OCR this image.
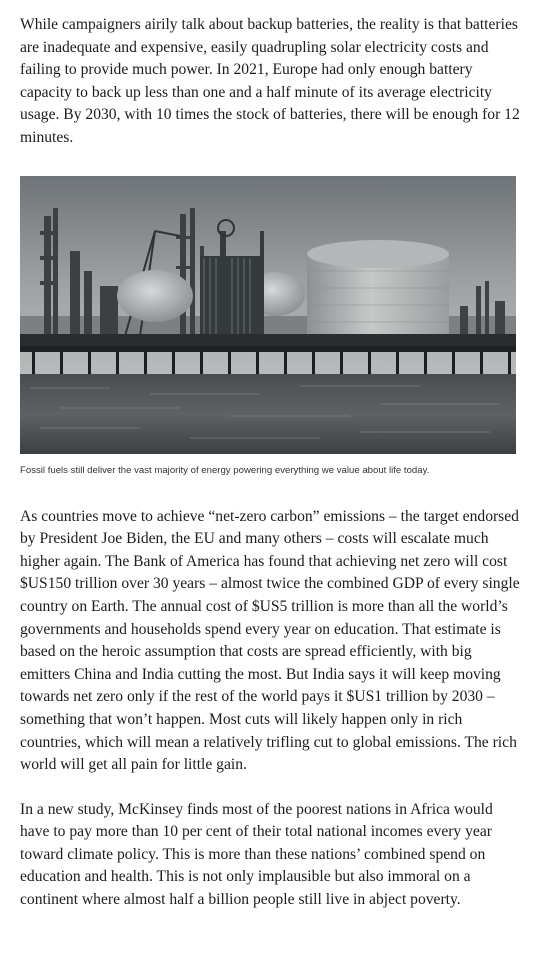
While campaigners airily talk about backup batteries, the reality is that batteries are inadequate and expensive, easily quadrupling solar electricity costs and failing to provide much power. In 2021, Europe had only enough battery capacity to back up less than one and a half minute of its average electricity usage. By 2030, with 10 times the stock of batteries, there will be enough for 12 minutes.

Fossil fuels still deliver the vast majority of energy powering everything we value about life today.

As countries move to achieve “net-zero carbon” emissions – the target endorsed by President Joe Biden, the EU and many others – costs will escalate much higher again. The Bank of America has found that achieving net zero will cost $US150 trillion over 30 years – almost twice the combined GDP of every single country on Earth. The annual cost of $US5 trillion is more than all the world’s governments and households spend every year on education. That estimate is based on the heroic assumption that costs are spread efficiently, with big emitters China and India cutting the most. But India says it will keep moving towards net zero only if the rest of the world pays it $US1 trillion by 2030 – something that won’t happen. Most cuts will likely happen only in rich countries, which will mean a relatively trifling cut to global emissions. The rich world will get all pain for little gain.

In a new study, McKinsey finds most of the poorest nations in Africa would have to pay more than 10 per cent of their total national incomes every year toward climate policy. This is more than these nations’ combined spend on education and health. This is not only implausible but also immoral on a continent where almost half a billion people still live in abject poverty.
